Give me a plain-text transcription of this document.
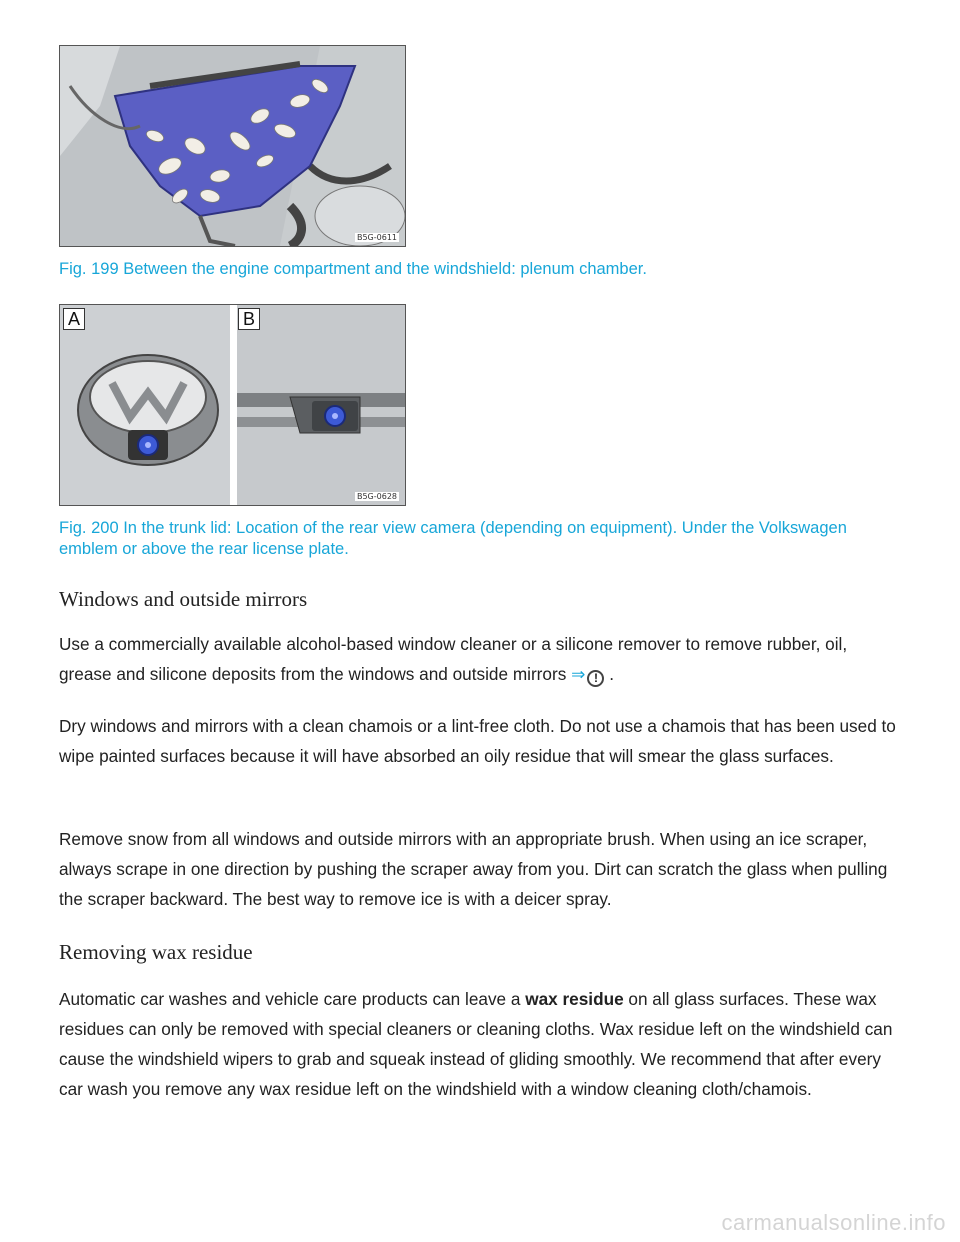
B5G-0611
Fig. 199 Between the engine compartment and the windshield: plenum chamber.
A	B
B5G-0628
Fig. 200 In the trunk lid: Location of the rear view camera (depending on equipment). Under the Volkswagen emblem or above the rear license plate.
Windows and outside mirrors

Use a commercially available alcohol-based window cleaner or a silicone remover to remove rubber, oil, grease and silicone deposits from the windows and outside mirrors ⇒ ! .

Dry windows and mirrors with a clean chamois or a lint-free cloth. Do not use a chamois that has been used to wipe painted surfaces because it will have absorbed an oily residue that will smear the glass surfaces.

Remove snow from all windows and outside mirrors with an appropriate brush. When using an ice scraper, always scrape in one direction by pushing the scraper away from you. Dirt can scratch the glass when pulling the scraper backward. The best way to remove ice is with a deicer spray.

Removing wax residue

Automatic car washes and vehicle care products can leave a wax residue on all glass surfaces. These wax residues can only be removed with special cleaners or cleaning cloths. Wax residue left on the windshield can cause the windshield wipers to grab and squeak instead of gliding smoothly. We recommend that after every car wash you remove any wax residue left on the windshield with a window cleaning cloth/chamois.

carmanualsonline.info
